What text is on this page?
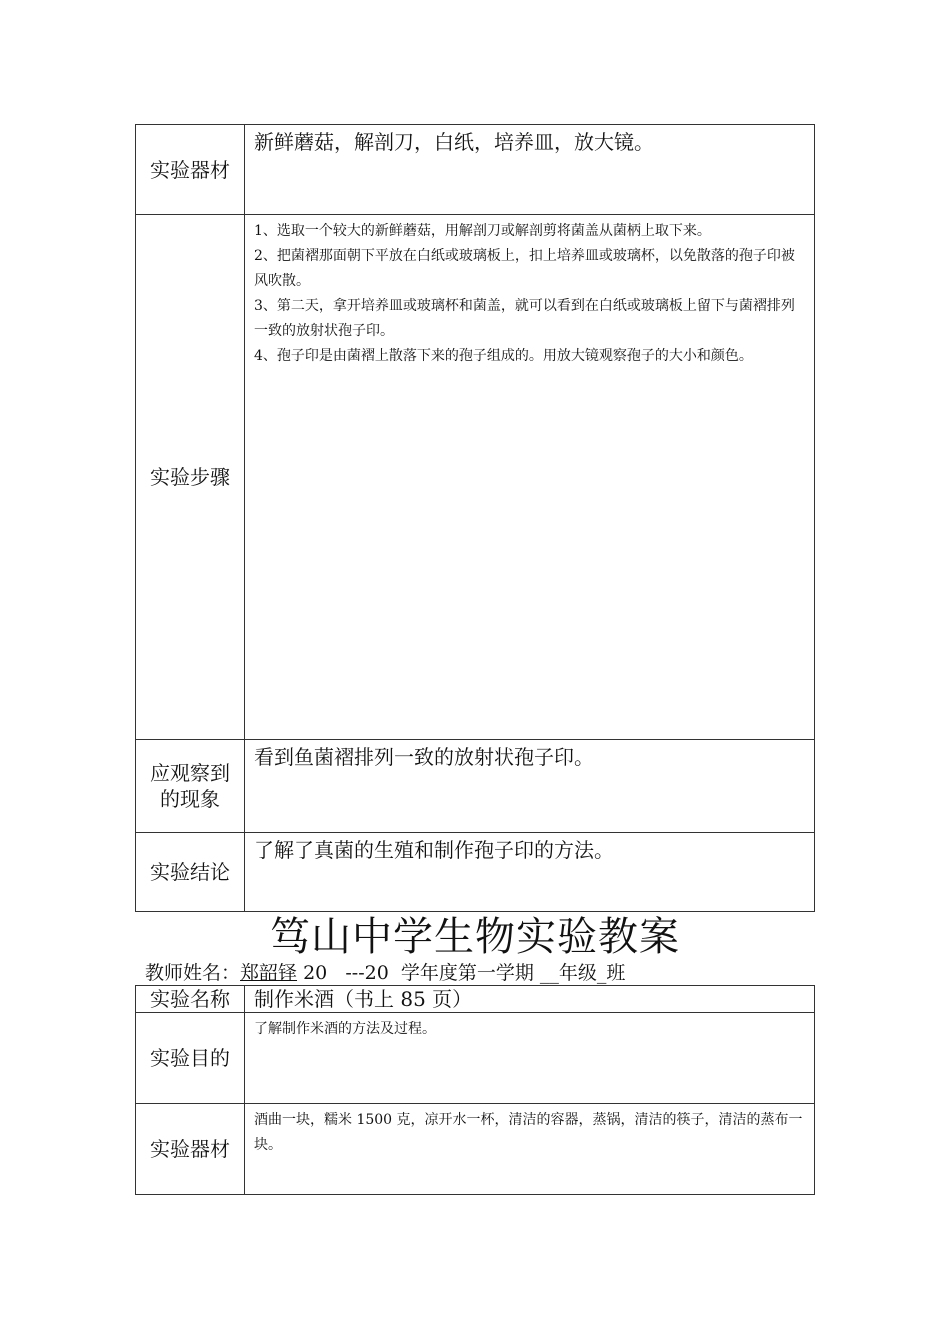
实验器材	新鲜蘑菇，解剖刀，白纸，培养皿，放大镜。
实验步骤	1、选取一个较大的新鲜蘑菇，用解剖刀或解剖剪将菌盖从菌柄上取下来。

2、把菌褶那面朝下平放在白纸或玻璃板上，扣上培养皿或玻璃杯，以免散落的孢子印被风吹散。

3、第二天，拿开培养皿或玻璃杯和菌盖，就可以看到在白纸或玻璃板上留下与菌褶排列一致的放射状孢子印。

4、孢子印是由菌褶上散落下来的孢子组成的。用放大镜观察孢子的大小和颜色。

应观察到
的现象	看到鱼菌褶排列一致的放射状孢子印。
实验结论	了解了真菌的生殖和制作孢子印的方法。
笃山中学生物实验教案
教师姓名：郑韶铎 20   ---20  学年度第一学期 __年级_班
实验名称	制作米酒（书上 85 页）
实验目的	了解制作米酒的方法及过程。
实验器材	酒曲一块，糯米 1500 克，凉开水一杯，清洁的容器，蒸锅，清洁的筷子，清洁的蒸布一块。
